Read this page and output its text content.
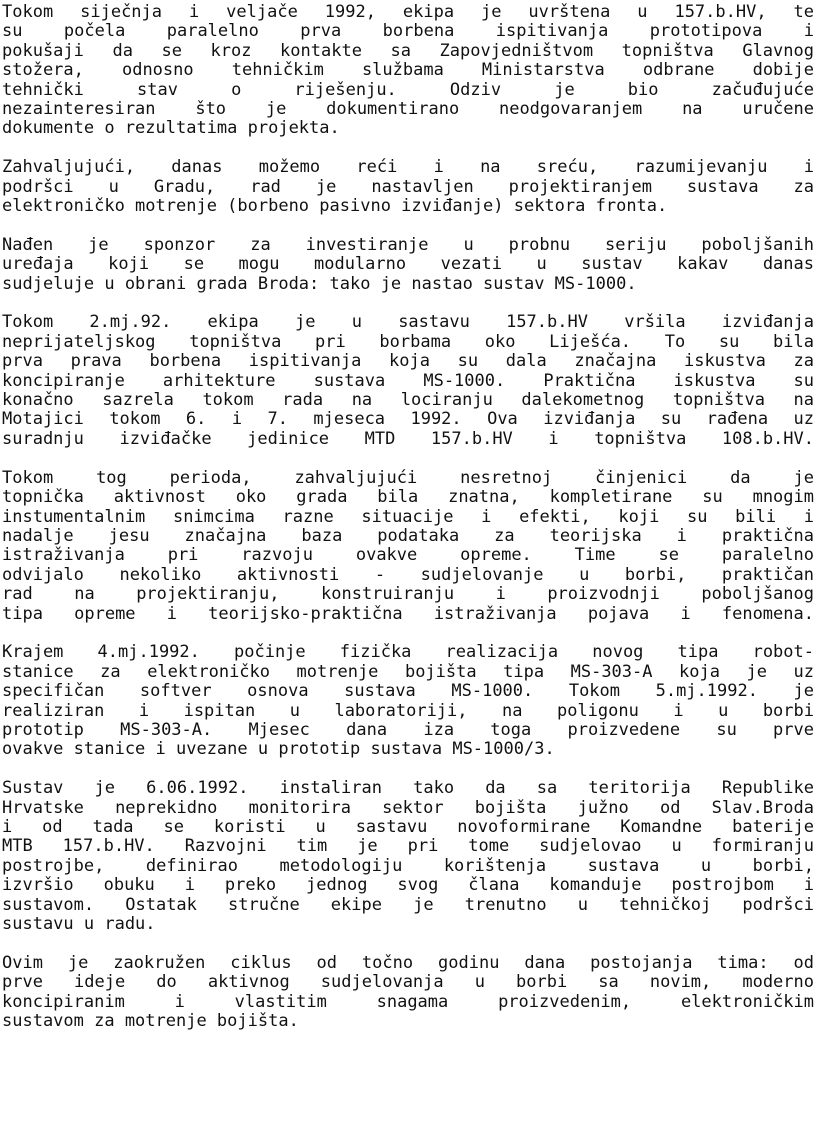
Tokom siječnja i veljače 1992, ekipa je uvrštena u 157.b.HV, te
su počela paralelno prva borbena ispitivanja prototipova i
pokušaji da se kroz kontakte sa Zapovjedništvom topništva Glavnog
stožera, odnosno tehničkim službama Ministarstva odbrane dobije
tehnički stav o riješenju. Odziv je bio začuđujuće
nezainteresiran što je dokumentirano neodgovaranjem na uručene
dokumente o rezultatima projekta.
Zahvaljujući, danas možemo reći i na sreću, razumijevanju i
podršci u Gradu, rad je nastavljen projektiranjem sustava za
elektroničko motrenje (borbeno pasivno izviđanje) sektora fronta.
Nađen je sponzor za investiranje u probnu seriju poboljšanih
uređaja koji se mogu modularno vezati u sustav kakav danas
sudjeluje u obrani grada Broda: tako je nastao sustav MS-1000.
Tokom 2.mj.92. ekipa je u sastavu 157.b.HV vršila izviđanja
neprijateljskog topništva pri borbama oko Liješća. To su bila
prva prava borbena ispitivanja koja su dala značajna iskustva za
koncipiranje arhitekture sustava MS-1000. Praktična iskustva su
konačno sazrela tokom rada na lociranju dalekometnog topništva na
Motajici tokom 6. i 7. mjeseca 1992. Ova izviđanja su rađena uz
suradnju izviđačke jedinice MTD 157.b.HV i topništva 108.b.HV.
Tokom tog perioda, zahvaljujući nesretnoj činjenici da je
topnička aktivnost oko grada bila znatna, kompletirane su mnogim
instumentalnim snimcima razne situacije i efekti, koji su bili i
nadalje jesu značajna baza podataka za teorijska i praktična
istraživanja pri razvoju ovakve opreme. Time se paralelno
odvijalo nekoliko aktivnosti - sudjelovanje u borbi, praktičan
rad na projektiranju, konstruiranju i proizvodnji poboljšanog
tipa opreme i teorijsko-praktična istraživanja pojava i fenomena.
Krajem 4.mj.1992. počinje fizička realizacija novog tipa robot-
stanice za elektroničko motrenje bojišta tipa MS-303-A koja je uz
specifičan softver osnova sustava MS-1000. Tokom 5.mj.1992. je
realiziran i ispitan u laboratoriji, na poligonu i u borbi
prototip MS-303-A. Mjesec dana iza toga proizvedene su prve
ovakve stanice i uvezane u prototip sustava MS-1000/3.
Sustav je 6.06.1992. instaliran tako da sa teritorija Republike
Hrvatske neprekidno monitorira sektor bojišta južno od Slav.Broda
i od tada se koristi u sastavu novoformirane Komandne baterije
MTB 157.b.HV. Razvojni tim je pri tome sudjelovao u formiranju
postrojbe, definirao metodologiju korištenja sustava u borbi,
izvršio obuku i preko jednog svog člana komanduje postrojbom i
sustavom. Ostatak stručne ekipe je trenutno u tehničkoj podršci
sustavu u radu.
Ovim je zaokružen ciklus od točno godinu dana postojanja tima: od
prve ideje do aktivnog sudjelovanja u borbi sa novim, moderno
koncipiranim i vlastitim snagama proizvedenim, elektroničkim
sustavom za motrenje bojišta.
